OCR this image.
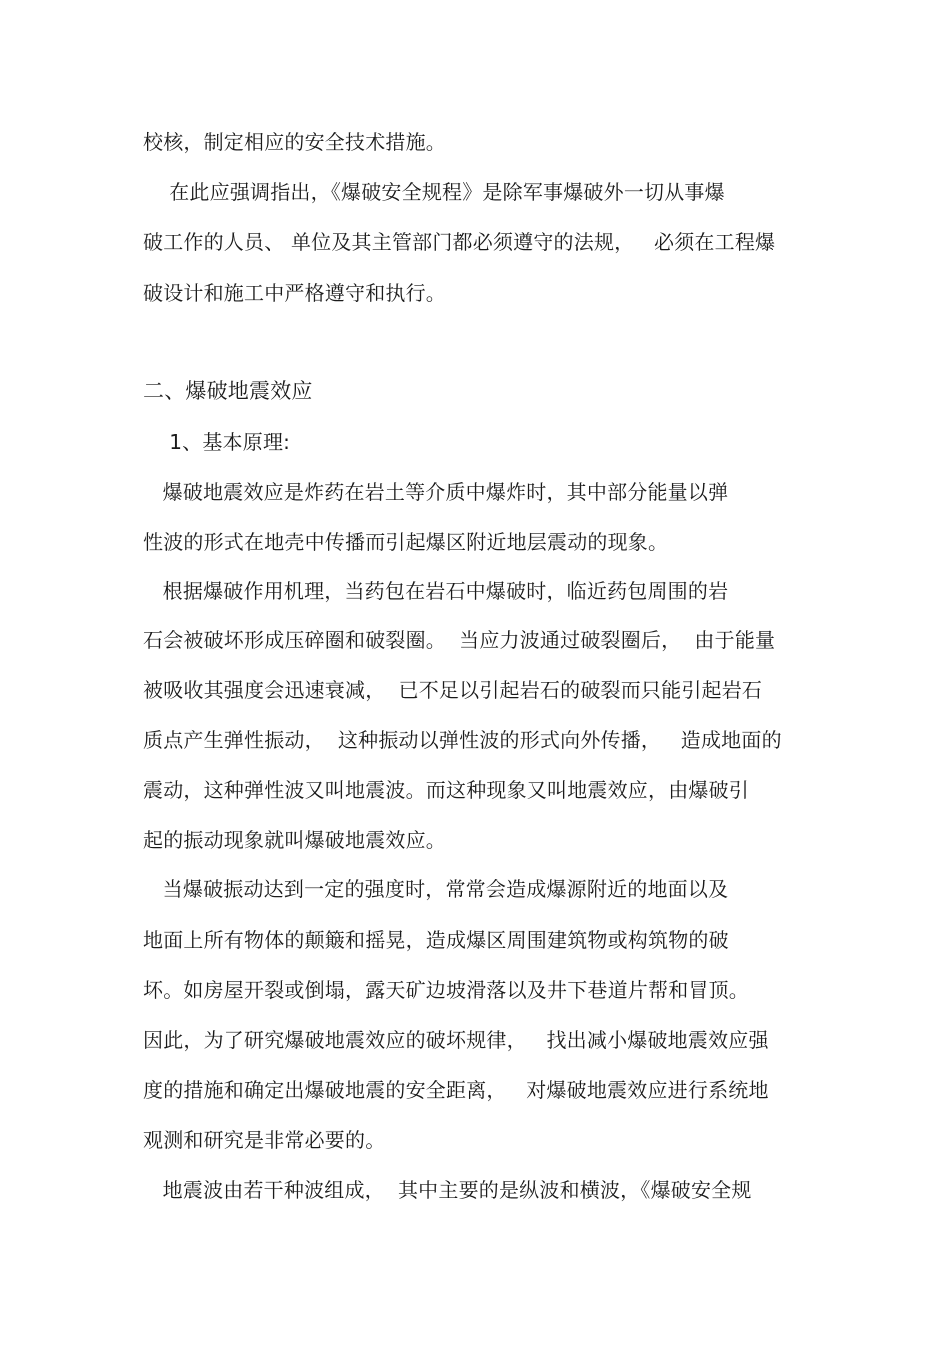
校核，制定相应的安全技术措施。
在此应强调指出，《爆破安全规程》是除军事爆破外一切从事爆
破工作的人员、 单位及其主管部门都必须遵守的法规，   必须在工程爆
破设计和施工中严格遵守和执行。
二、爆破地震效应
1、基本原理:
爆破地震效应是炸药在岩土等介质中爆炸时，其中部分能量以弹
性波的形式在地壳中传播而引起爆区附近地层震动的现象。
根据爆破作用机理，当药包在岩石中爆破时，临近药包周围的岩
石会被破坏形成压碎圈和破裂圈。  当应力波通过破裂圈后，  由于能量
被吸收其强度会迅速衰减，  已不足以引起岩石的破裂而只能引起岩石
质点产生弹性振动，  这种振动以弹性波的形式向外传播，   造成地面的
震动，这种弹性波又叫地震波。而这种现象又叫地震效应，由爆破引
起的振动现象就叫爆破地震效应。
当爆破振动达到一定的强度时，常常会造成爆源附近的地面以及
地面上所有物体的颠簸和摇晃，造成爆区周围建筑物或构筑物的破
坏。如房屋开裂或倒塌，露天矿边坡滑落以及井下巷道片帮和冒顶。
因此，为了研究爆破地震效应的破坏规律，   找出减小爆破地震效应强
度的措施和确定出爆破地震的安全距离，   对爆破地震效应进行系统地
观测和研究是非常必要的。
地震波由若干种波组成，  其中主要的是纵波和横波，《爆破安全规
